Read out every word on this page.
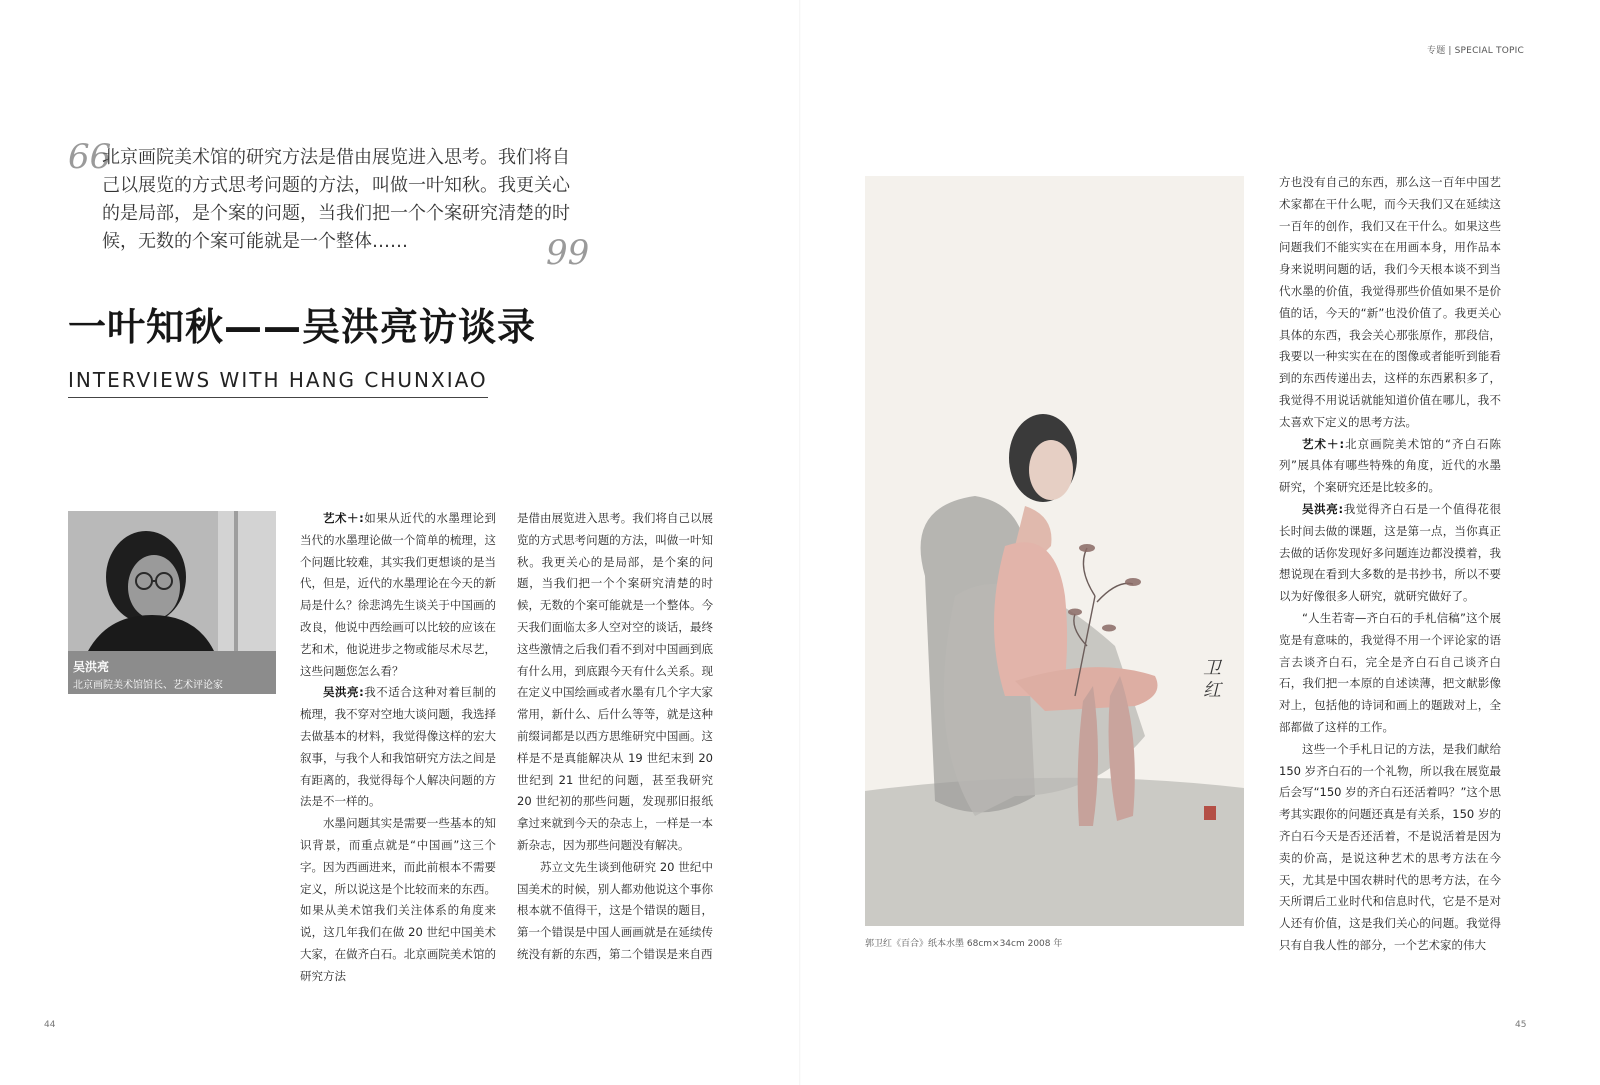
专题 | SPECIAL TOPIC
66
北京画院美术馆的研究方法是借由展览进入思考。我们将自己以展览的方式思考问题的方法，叫做一叶知秋。我更关心的是局部，是个案的问题，当我们把一个个案研究清楚的时候，无数的个案可能就是一个整体……	99
一叶知秋——吴洪亮访谈录
INTERVIEWS WITH HANG CHUNXIAO
吴洪亮
北京画院美术馆馆长、艺术评论家

艺术＋:如果从近代的水墨理论到当代的水墨理论做一个简单的梳理，这个问题比较难，其实我们更想谈的是当代，但是，近代的水墨理论在今天的新局是什么？徐悲鸿先生谈关于中国画的改良，他说中西绘画可以比较的应该在艺和术，他说进步之物或能尽术尽艺，这些问题您怎么看？

吴洪亮:我不适合这种对着巨制的梳理，我不穿对空地大谈问题，我选择去做基本的材料，我觉得像这样的宏大叙事，与我个人和我馆研究方法之间是有距离的，我觉得每个人解决问题的方法是不一样的。

水墨问题其实是需要一些基本的知识背景，而重点就是“中国画”这三个字。因为西画进来，而此前根本不需要定义，所以说这是个比较而来的东西。如果从美术馆我们关注体系的角度来说，这几年我们在做 20 世纪中国美术大家，在做齐白石。北京画院美术馆的研究方法

是借由展览进入思考。我们将自己以展览的方式思考问题的方法，叫做一叶知秋。我更关心的是局部，是个案的问题，当我们把一个个案研究清楚的时候，无数的个案可能就是一个整体。今天我们面临太多人空对空的谈话，最终这些激情之后我们看不到对中国画到底有什么用，到底跟今天有什么关系。现在定义中国绘画或者水墨有几个字大家常用，新什么、后什么等等，就是这种前缀词都是以西方思维研究中国画。这样是不是真能解决从 19 世纪末到 20 世纪到 21 世纪的问题，甚至我研究 20 世纪初的那些问题，发现那旧报纸拿过来就到今天的杂志上，一样是一本新杂志，因为那些问题没有解决。

苏立文先生谈到他研究 20 世纪中国美术的时候，别人都劝他说这个事你根本就不值得干，这是个错误的题目，第一个错误是中国人画画就是在延续传统没有新的东西，第二个错误是来自西

卫红
郭卫红《百合》纸本水墨 68cm×34cm 2008 年

方也没有自己的东西，那么这一百年中国艺术家都在干什么呢，而今天我们又在延续这一百年的创作，我们又在干什么。如果这些问题我们不能实实在在用画本身，用作品本身来说明问题的话，我们今天根本谈不到当代水墨的价值，我觉得那些价值如果不是价值的话，今天的“新”也没价值了。我更关心具体的东西，我会关心那张原作，那段信，我要以一种实实在在的图像或者能听到能看到的东西传递出去，这样的东西累积多了，我觉得不用说话就能知道价值在哪儿，我不太喜欢下定义的思考方法。

艺术＋:北京画院美术馆的“齐白石陈列”展具体有哪些特殊的角度，近代的水墨研究，个案研究还是比较多的。

吴洪亮:我觉得齐白石是一个值得花很长时间去做的课题，这是第一点，当你真正去做的话你发现好多问题连边都没摸着，我想说现在看到大多数的是书抄书，所以不要以为好像很多人研究，就研究做好了。

“人生若寄—齐白石的手札信稿”这个展览是有意味的，我觉得不用一个评论家的语言去谈齐白石，完全是齐白石自己谈齐白石，我们把一本原的自述读薄，把文献影像对上，包括他的诗词和画上的题跋对上，全部都做了这样的工作。

这些一个手札日记的方法，是我们献给 150 岁齐白石的一个礼物，所以我在展览最后会写“150 岁的齐白石还活着吗？”这个思考其实跟你的问题还真是有关系，150 岁的齐白石今天是否还活着，不是说活着是因为卖的价高，是说这种艺术的思考方法在今天，尤其是中国农耕时代的思考方法，在今天所谓后工业时代和信息时代，它是不是对人还有价值，这是我们关心的问题。我觉得只有自我人性的部分，一个艺术家的伟大

44	45
